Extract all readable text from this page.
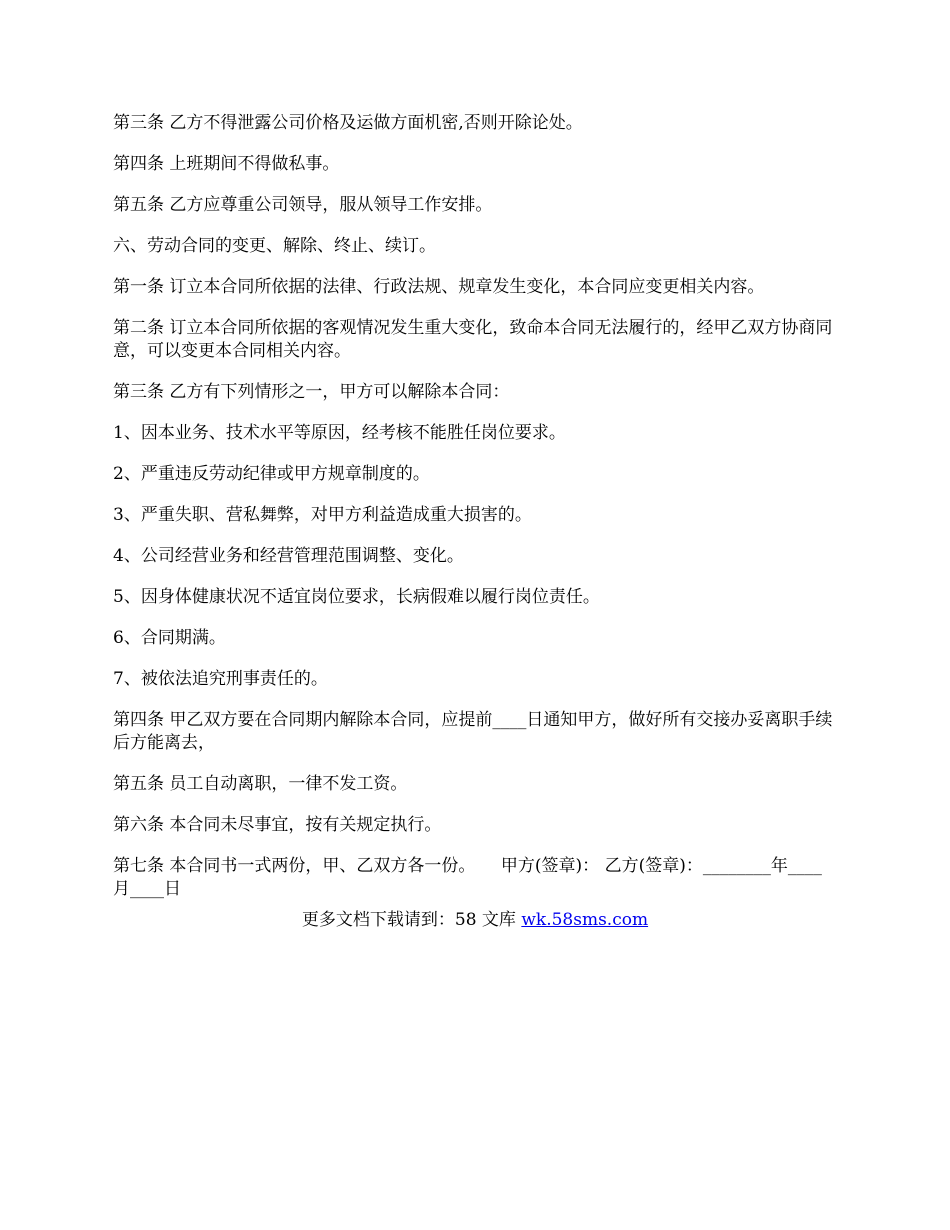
第三条 乙方不得泄露公司价格及运做方面机密,否则开除论处。

第四条 上班期间不得做私事。

第五条 乙方应尊重公司领导，服从领导工作安排。

六、劳动合同的变更、解除、终止、续订。

第一条 订立本合同所依据的法律、行政法规、规章发生变化，本合同应变更相关内容。

第二条 订立本合同所依据的客观情况发生重大变化，致命本合同无法履行的，经甲乙双方协商同意，可以变更本合同相关内容。

第三条 乙方有下列情形之一，甲方可以解除本合同：

1、因本业务、技术水平等原因，经考核不能胜任岗位要求。

2、严重违反劳动纪律或甲方规章制度的。

3、严重失职、营私舞弊，对甲方利益造成重大损害的。

4、公司经营业务和经营管理范围调整、变化。

5、因身体健康状况不适宜岗位要求，长病假难以履行岗位责任。

6、合同期满。

7、被依法追究刑事责任的。

第四条 甲乙双方要在合同期内解除本合同，应提前____日通知甲方，做好所有交接办妥离职手续后方能离去，

第五条 员工自动离职，一律不发工资。

第六条 本合同未尽事宜，按有关规定执行。

第七条 本合同书一式两份，甲、乙双方各一份。　　甲方(签章)： 乙方(签章)：________年____月____日

更多文档下载请到：58 文库 wk.58sms.com
